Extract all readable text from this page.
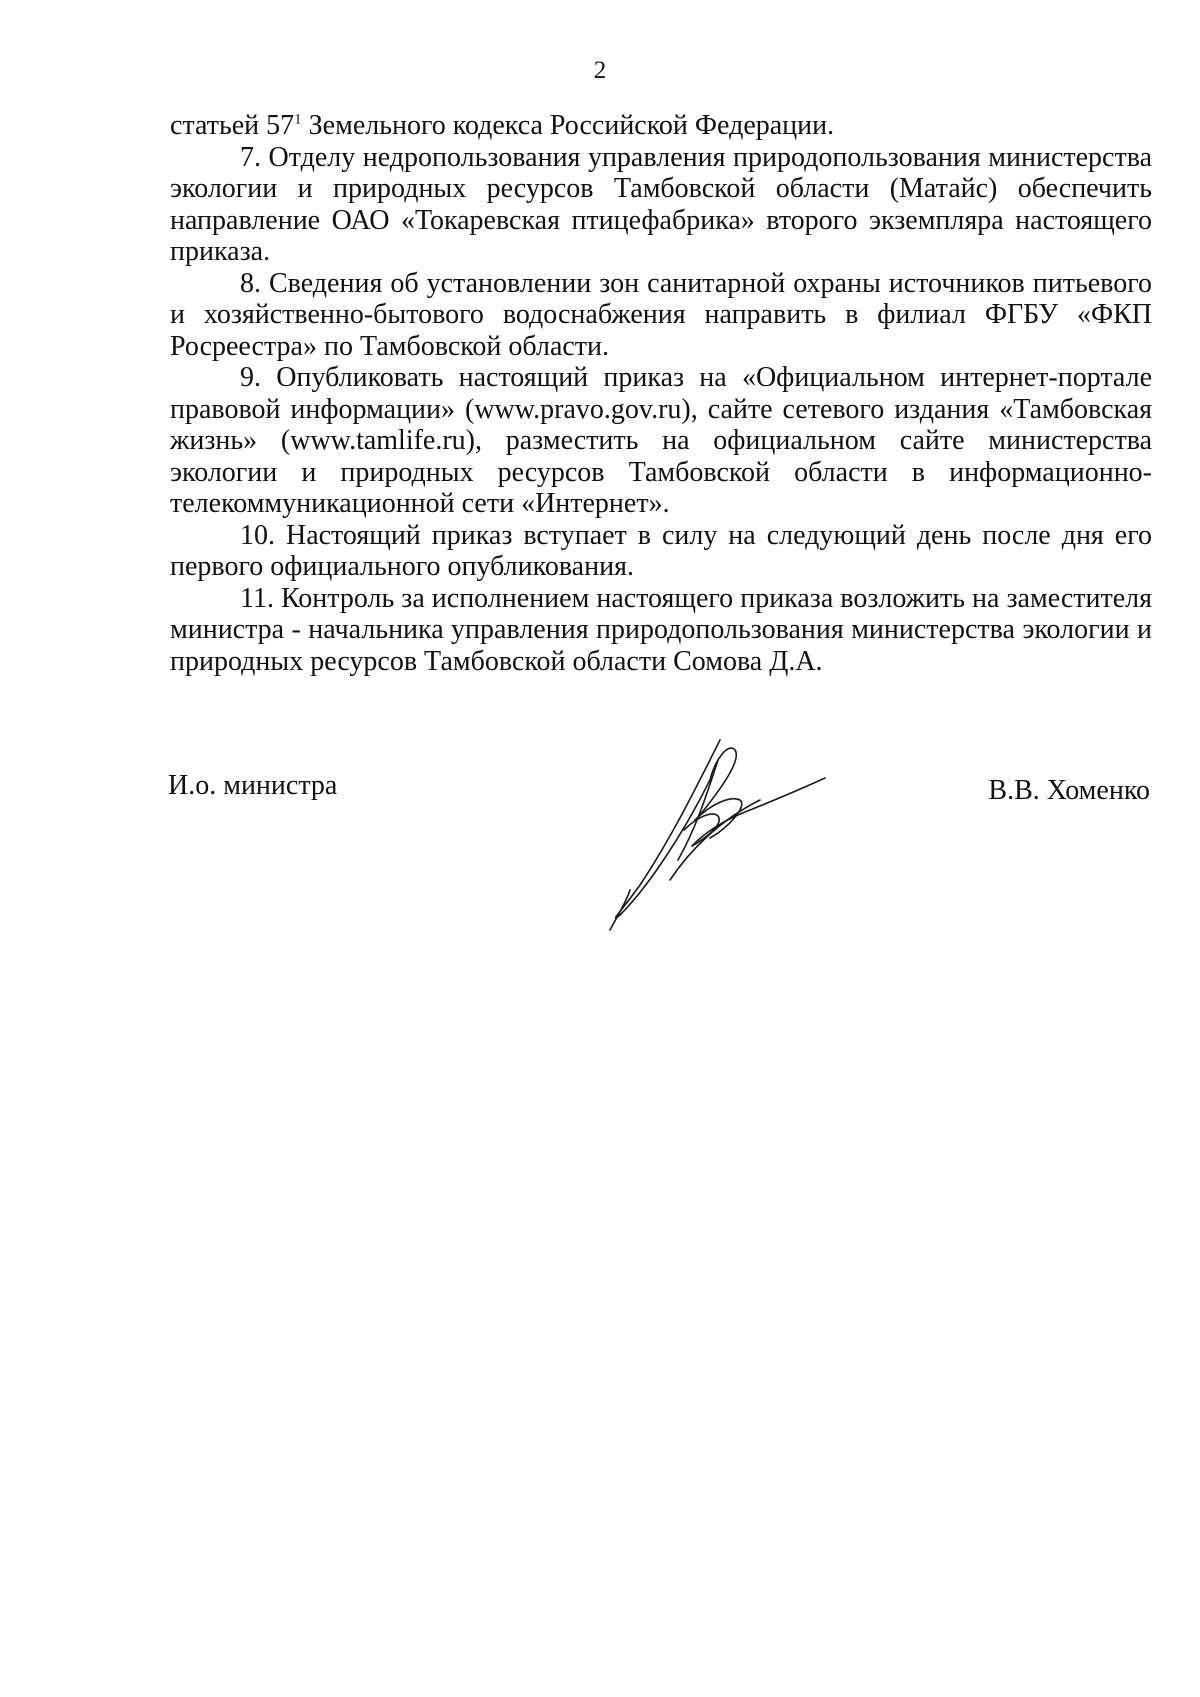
2

статьей $57^1$ Земельного кодекса Российской Федерации.

7. Отделу недропользования управления природопользования министерства экологии и природных ресурсов Тамбовской области (Матайс) обеспечить направление ОАО «Токаревская птицефабрика» второго экземпляра настоящего приказа.

8. Сведения об установлении зон санитарной охраны источников питьевого и хозяйственно-бытового водоснабжения направить в филиал ФГБУ «ФКП Росреестра» по Тамбовской области.

9. Опубликовать настоящий приказ на «Официальном интернет-портале правовой информации» (www.pravo.gov.ru), сайте сетевого издания «Тамбовская жизнь» (www.tamlife.ru), разместить на официальном сайте министерства экологии и природных ресурсов Тамбовской области в информационно-телекоммуникационной сети «Интернет».

10. Настоящий приказ вступает в силу на следующий день после дня его первого официального опубликования.

11. Контроль за исполнением настоящего приказа возложить на заместителя министра - начальника управления природопользования министерства экологии и природных ресурсов Тамбовской области Сомова Д.А.

И.о. министра	В.В. Хоменко
